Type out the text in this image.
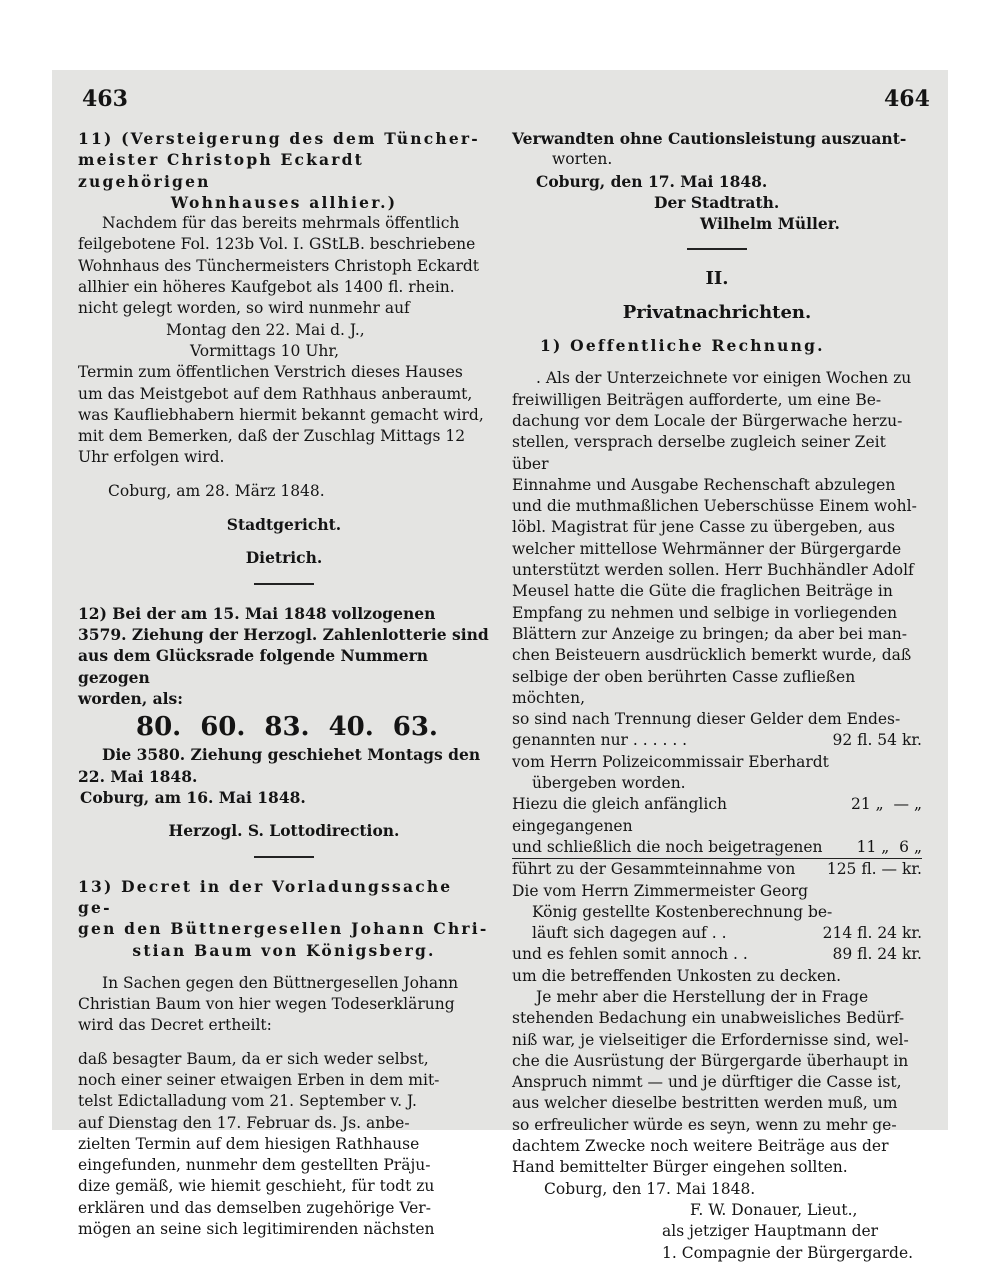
463	464

11) (Versteigerung des dem Tüncher-

meister Christoph Eckardt zugehörigen

Wohnhauses allhier.)

Nachdem für das bereits mehrmals öffentlich

feilgebotene Fol. 123b Vol. I. GStLB. beschriebene

Wohnhaus des Tünchermeisters Christoph Eckardt

allhier ein höheres Kaufgebot als 1400 fl. rhein.

nicht gelegt worden, so wird nunmehr auf

Montag den 22. Mai d. J.,

Vormittags 10 Uhr,

Termin zum öffentlichen Verstrich dieses Hauses

um das Meistgebot auf dem Rathhaus anberaumt,

was Kaufliebhabern hiermit bekannt gemacht wird,

mit dem Bemerken, daß der Zuschlag Mittags 12

Uhr erfolgen wird.

Coburg, am 28. März 1848.

Stadtgericht.

Dietrich.

12) Bei der am 15. Mai 1848 vollzogenen

3579. Ziehung der Herzogl. Zahlenlotterie sind

aus dem Glücksrade folgende Nummern gezogen

worden, als:

80. 60. 83. 40. 63.

Die 3580. Ziehung geschiehet Montags den

22. Mai 1848.

Coburg, am 16. Mai 1848.

Herzogl. S. Lottodirection.

13) Decret in der Vorladungssache ge-

gen den Büttnergesellen Johann Chri-

stian Baum von Königsberg.

In Sachen gegen den Büttnergesellen Johann

Christian Baum von hier wegen Todeserklärung

wird das Decret ertheilt:

daß besagter Baum, da er sich weder selbst,

noch einer seiner etwaigen Erben in dem mit-

telst Edictalladung vom 21. September v. J.

auf Dienstag den 17. Februar ds. Js. anbe-

zielten Termin auf dem hiesigen Rathhause

eingefunden, nunmehr dem gestellten Präju-

dize gemäß, wie hiemit geschieht, für todt zu

erklären und das demselben zugehörige Ver-

mögen an seine sich legitimirenden nächsten

Verwandten ohne Cautionsleistung auszuant-

worten.

Coburg, den 17. Mai 1848.

Der Stadtrath.

Wilhelm Müller.

II.

Privatnachrichten.

1) Oeffentliche Rechnung.

. Als der Unterzeichnete vor einigen Wochen zu

freiwilligen Beiträgen aufforderte, um eine Be-

dachung vor dem Locale der Bürgerwache herzu-

stellen, versprach derselbe zugleich seiner Zeit über

Einnahme und Ausgabe Rechenschaft abzulegen

und die muthmaßlichen Ueberschüsse Einem wohl-

löbl. Magistrat für jene Casse zu übergeben, aus

welcher mittellose Wehrmänner der Bürgergarde

unterstützt werden sollen. Herr Buchhändler Adolf

Meusel hatte die Güte die fraglichen Beiträge in

Empfang zu nehmen und selbige in vorliegenden

Blättern zur Anzeige zu bringen; da aber bei man-

chen Beisteuern ausdrücklich bemerkt wurde, daß

selbige der oben berührten Casse zufließen möchten,

so sind nach Trennung dieser Gelder dem Endes-

genannten nur . . . . . .	92 fl. 54 kr.

vom Herrn Polizeicommissair Eberhardt

übergeben worden.

Hiezu die gleich anfänglich eingegangenen
21 „  — „
und schließlich die noch beigetragenen 11 „  6 „
führt zu der Gesammteinnahme von 125 fl. — kr.

Die vom Herrn Zimmermeister Georg

König gestellte Kostenberechnung be-

läuft sich dagegen auf . .	214 fl. 24 kr.
und es fehlen somit annoch . .	89 fl. 24 kr.

um die betreffenden Unkosten zu decken.

Je mehr aber die Herstellung der in Frage

stehenden Bedachung ein unabweisliches Bedürf-

niß war, je vielseitiger die Erfordernisse sind, wel-

che die Ausrüstung der Bürgergarde überhaupt in

Anspruch nimmt — und je dürftiger die Casse ist,

aus welcher dieselbe bestritten werden muß, um

so erfreulicher würde es seyn, wenn zu mehr ge-

dachtem Zwecke noch weitere Beiträge aus der

Hand bemittelter Bürger eingehen sollten.

Coburg, den 17. Mai 1848.

F. W. Donauer, Lieut.,

als jetziger Hauptmann der

1. Compagnie der Bürgergarde.
